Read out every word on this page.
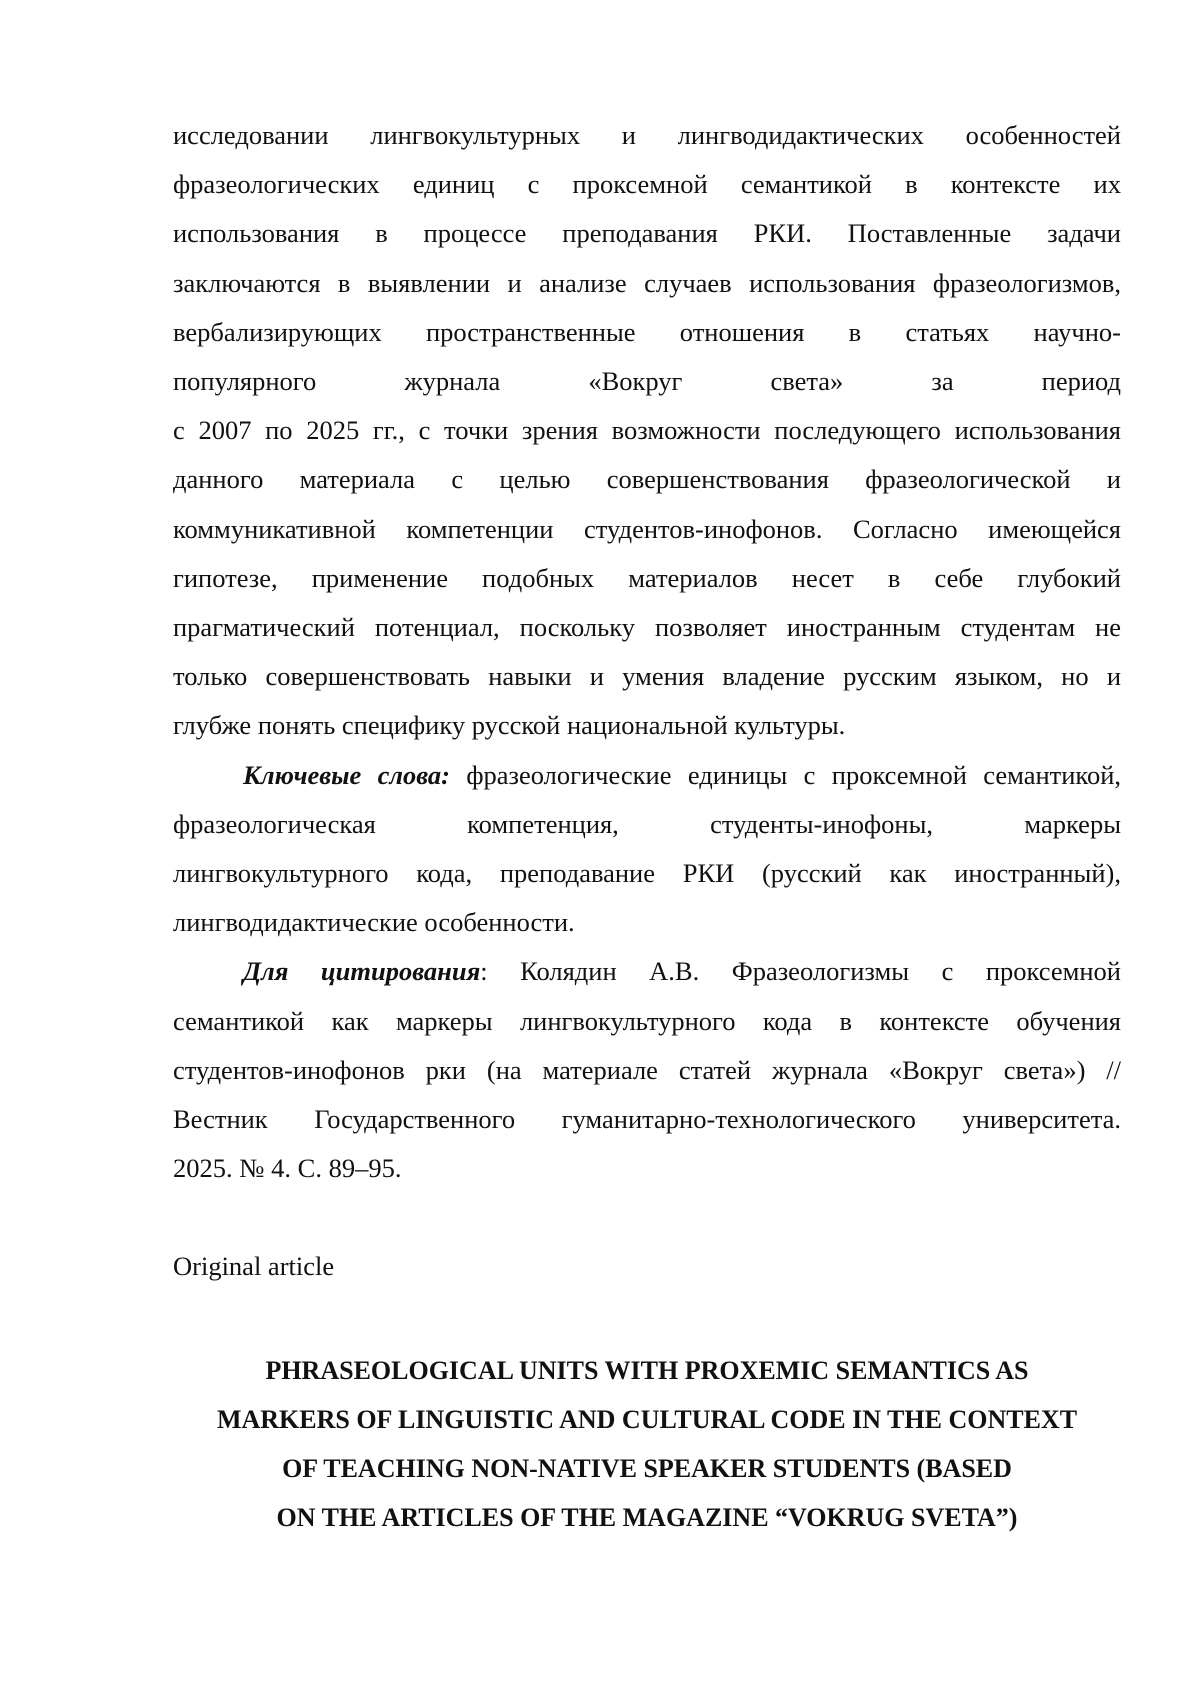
исследовании лингвокультурных и лингводидактических особенностей
фразеологических единиц с проксемной семантикой в контексте их
использования в процессе преподавания РКИ. Поставленные задачи
заключаются в выявлении и анализе случаев использования фразеологизмов,
вербализирующих пространственные отношения в статьях научно-
популярного журнала «Вокруг света» за период
с 2007 по 2025 гг., с точки зрения возможности последующего использования
данного материала с целью совершенствования фразеологической и
коммуникативной компетенции студентов-инофонов. Согласно имеющейся
гипотезе, применение подобных материалов несет в себе глубокий
прагматический потенциал, поскольку позволяет иностранным студентам не
только совершенствовать навыки и умения владение русским языком, но и
глубже понять специфику русской национальной культуры.

Ключевые слова: фразеологические единицы с проксемной семантикой,
фразеологическая компетенция, студенты-инофоны, маркеры
лингвокультурного кода, преподавание РКИ (русский как иностранный),
лингводидактические особенности.

Для цитирования: Колядин А.В. Фразеологизмы с проксемной
семантикой как маркеры лингвокультурного кода в контексте обучения
студентов-инофонов рки (на материале статей журнала «Вокруг света») //
Вестник Государственного гуманитарно-технологического университета.
2025. № 4. С. 89–95.

Original article
PHRASEOLOGICAL UNITS WITH PROXEMIC SEMANTICS AS
MARKERS OF LINGUISTIC AND CULTURAL CODE IN THE CONTEXT
OF TEACHING NON-NATIVE SPEAKER STUDENTS (BASED
ON THE ARTICLES OF THE MAGAZINE “VOKRUG SVETA”)
